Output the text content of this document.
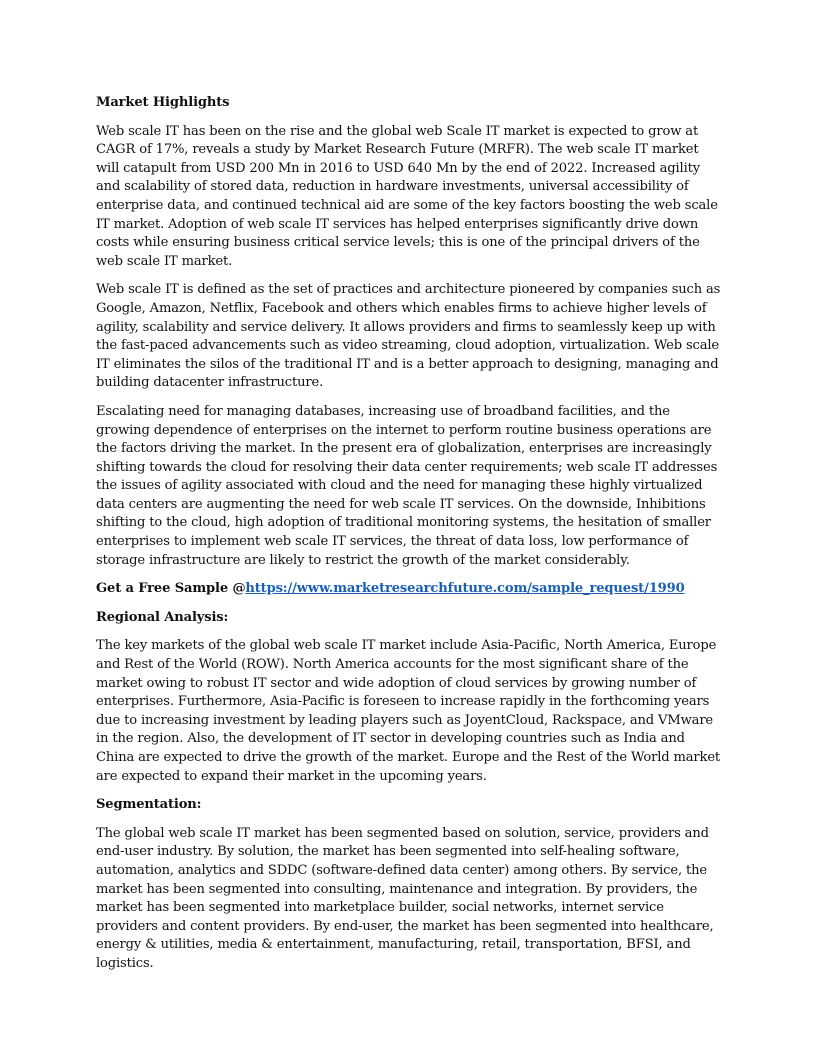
Market Highlights

Web scale IT has been on the rise and the global web Scale IT market is expected to grow at CAGR of 17%, reveals a study by Market Research Future (MRFR). The web scale IT market will catapult from USD 200 Mn in 2016 to USD 640 Mn by the end of 2022. Increased agility and scalability of stored data, reduction in hardware investments, universal accessibility of enterprise data, and continued technical aid are some of the key factors boosting the web scale IT market. Adoption of web scale IT services has helped enterprises significantly drive down costs while ensuring business critical service levels; this is one of the principal drivers of the web scale IT market.

Web scale IT is defined as the set of practices and architecture pioneered by companies such as Google, Amazon, Netflix, Facebook and others which enables firms to achieve higher levels of agility, scalability and service delivery. It allows providers and firms to seamlessly keep up with the fast-paced advancements such as video streaming, cloud adoption, virtualization. Web scale IT eliminates the silos of the traditional IT and is a better approach to designing, managing and building datacenter infrastructure.

Escalating need for managing databases, increasing use of broadband facilities, and the growing dependence of enterprises on the internet to perform routine business operations are the factors driving the market. In the present era of globalization, enterprises are increasingly shifting towards the cloud for resolving their data center requirements; web scale IT addresses the issues of agility associated with cloud and the need for managing these highly virtualized data centers are augmenting the need for web scale IT services. On the downside, Inhibitions shifting to the cloud, high adoption of traditional monitoring systems, the hesitation of smaller enterprises to implement web scale IT services, the threat of data loss, low performance of storage infrastructure are likely to restrict the growth of the market considerably.

Get a Free Sample @https://www.marketresearchfuture.com/sample_request/1990

Regional Analysis:

The key markets of the global web scale IT market include Asia-Pacific, North America, Europe and Rest of the World (ROW). North America accounts for the most significant share of the market owing to robust IT sector and wide adoption of cloud services by growing number of enterprises. Furthermore, Asia-Pacific is foreseen to increase rapidly in the forthcoming years due to increasing investment by leading players such as JoyentCloud, Rackspace, and VMware in the region. Also, the development of IT sector in developing countries such as India and China are expected to drive the growth of the market. Europe and the Rest of the World market are expected to expand their market in the upcoming years.

Segmentation:

The global web scale IT market has been segmented based on solution, service, providers and end-user industry. By solution, the market has been segmented into self-healing software, automation, analytics and SDDC (software-defined data center) among others. By service, the market has been segmented into consulting, maintenance and integration. By providers, the market has been segmented into marketplace builder, social networks, internet service providers and content providers. By end-user, the market has been segmented into healthcare, energy & utilities, media & entertainment, manufacturing, retail, transportation, BFSI, and logistics.
